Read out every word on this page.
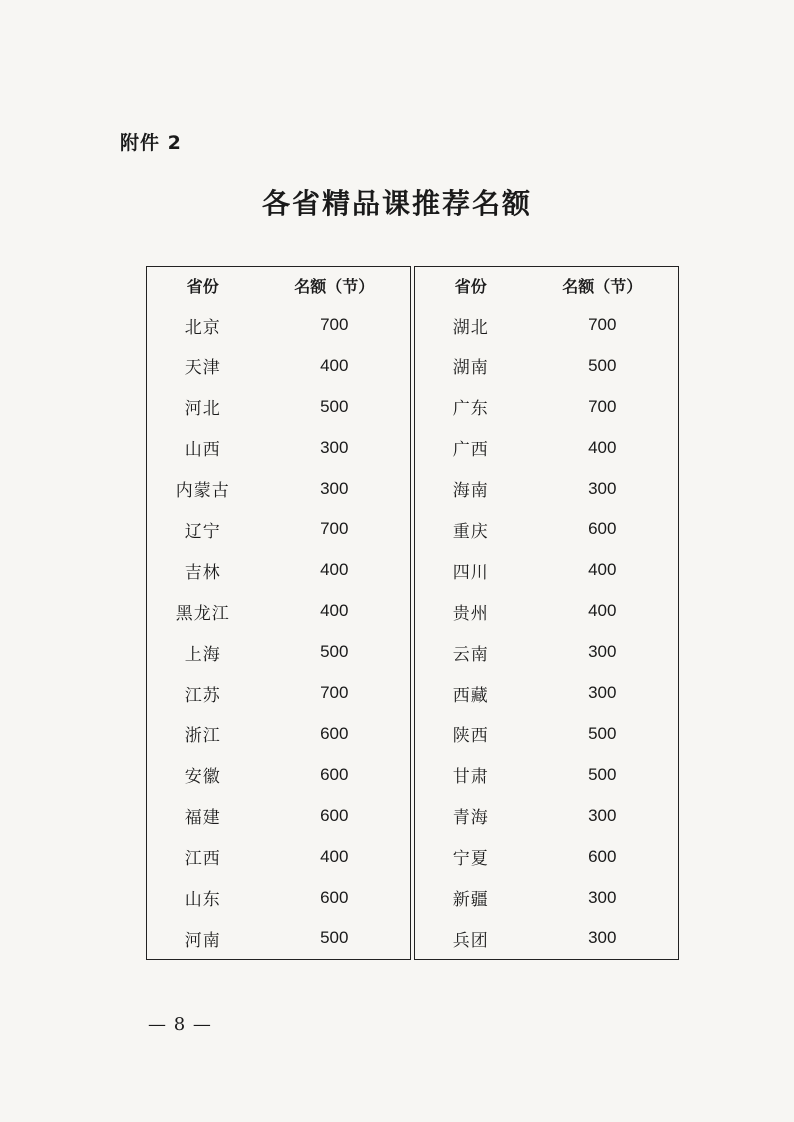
附件 2
各省精品课推荐名额
省份	名额（节）
北京	700
天津	400
河北	500
山西	300
内蒙古	300
辽宁	700
吉林	400
黑龙江	400
上海	500
江苏	700
浙江	600
安徽	600
福建	600
江西	400
山东	600
河南	500
省份	名额（节）
湖北	700
湖南	500
广东	700
广西	400
海南	300
重庆	600
四川	400
贵州	400
云南	300
西藏	300
陕西	500
甘肃	500
青海	300
宁夏	600
新疆	300
兵团	300
— 8 —
